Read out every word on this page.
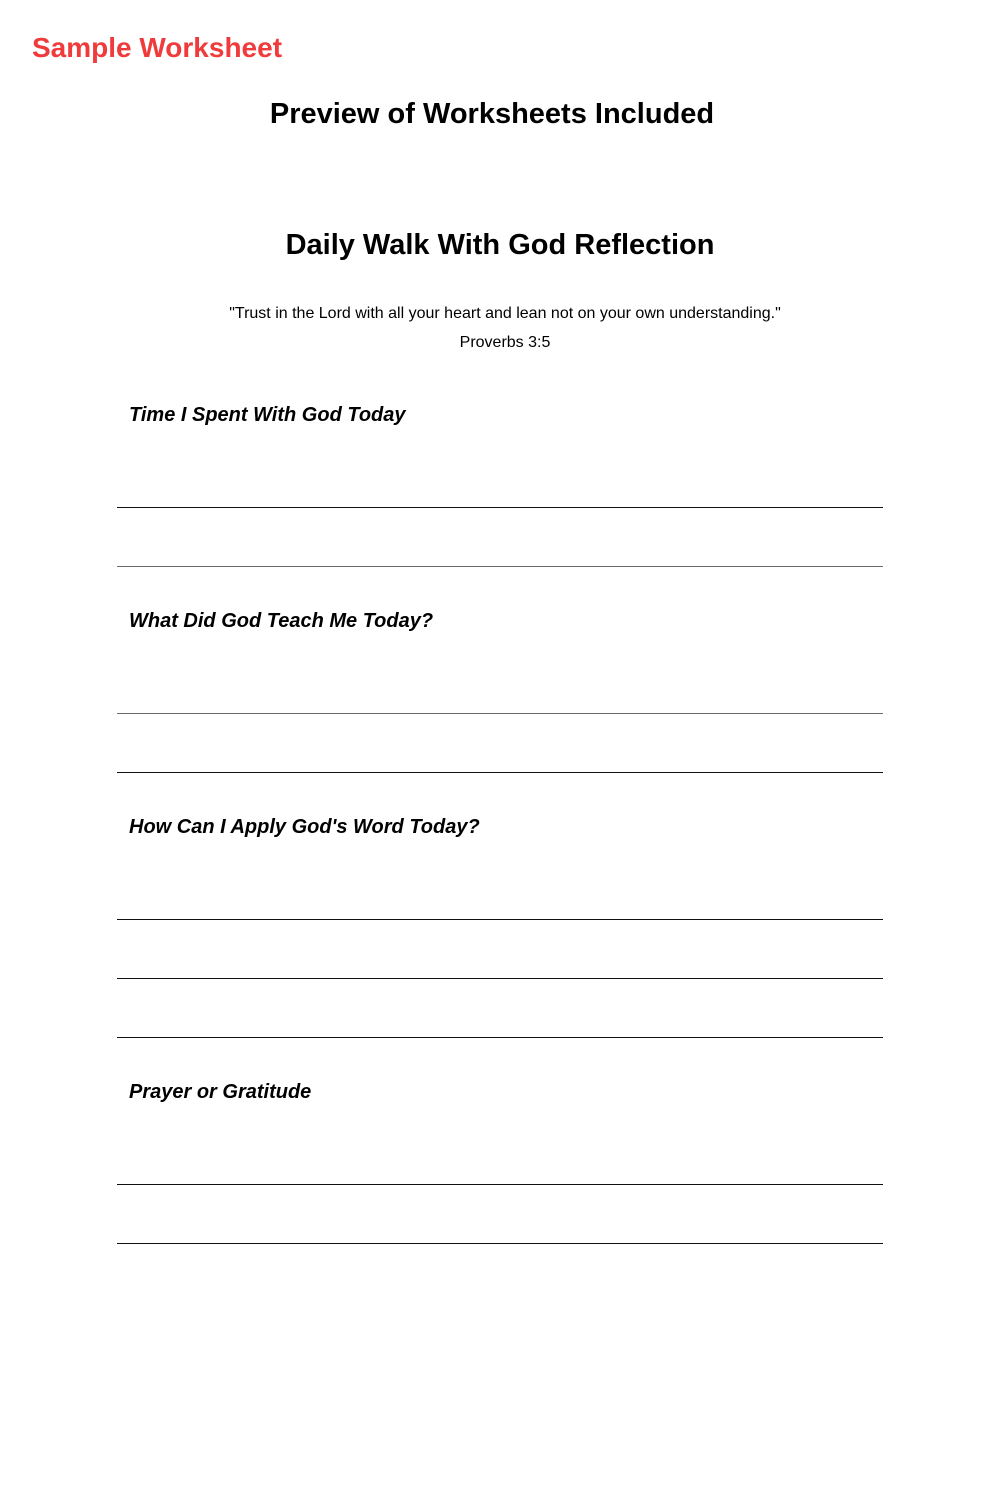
Sample Worksheet

Preview of Worksheets Included
Daily Walk With God Reflection

"Trust in the Lord with all your heart and lean not on your own understanding."

Proverbs 3:5

Time I Spent With God Today
What Did God Teach Me Today?
How Can I Apply God's Word Today?
Prayer or Gratitude
